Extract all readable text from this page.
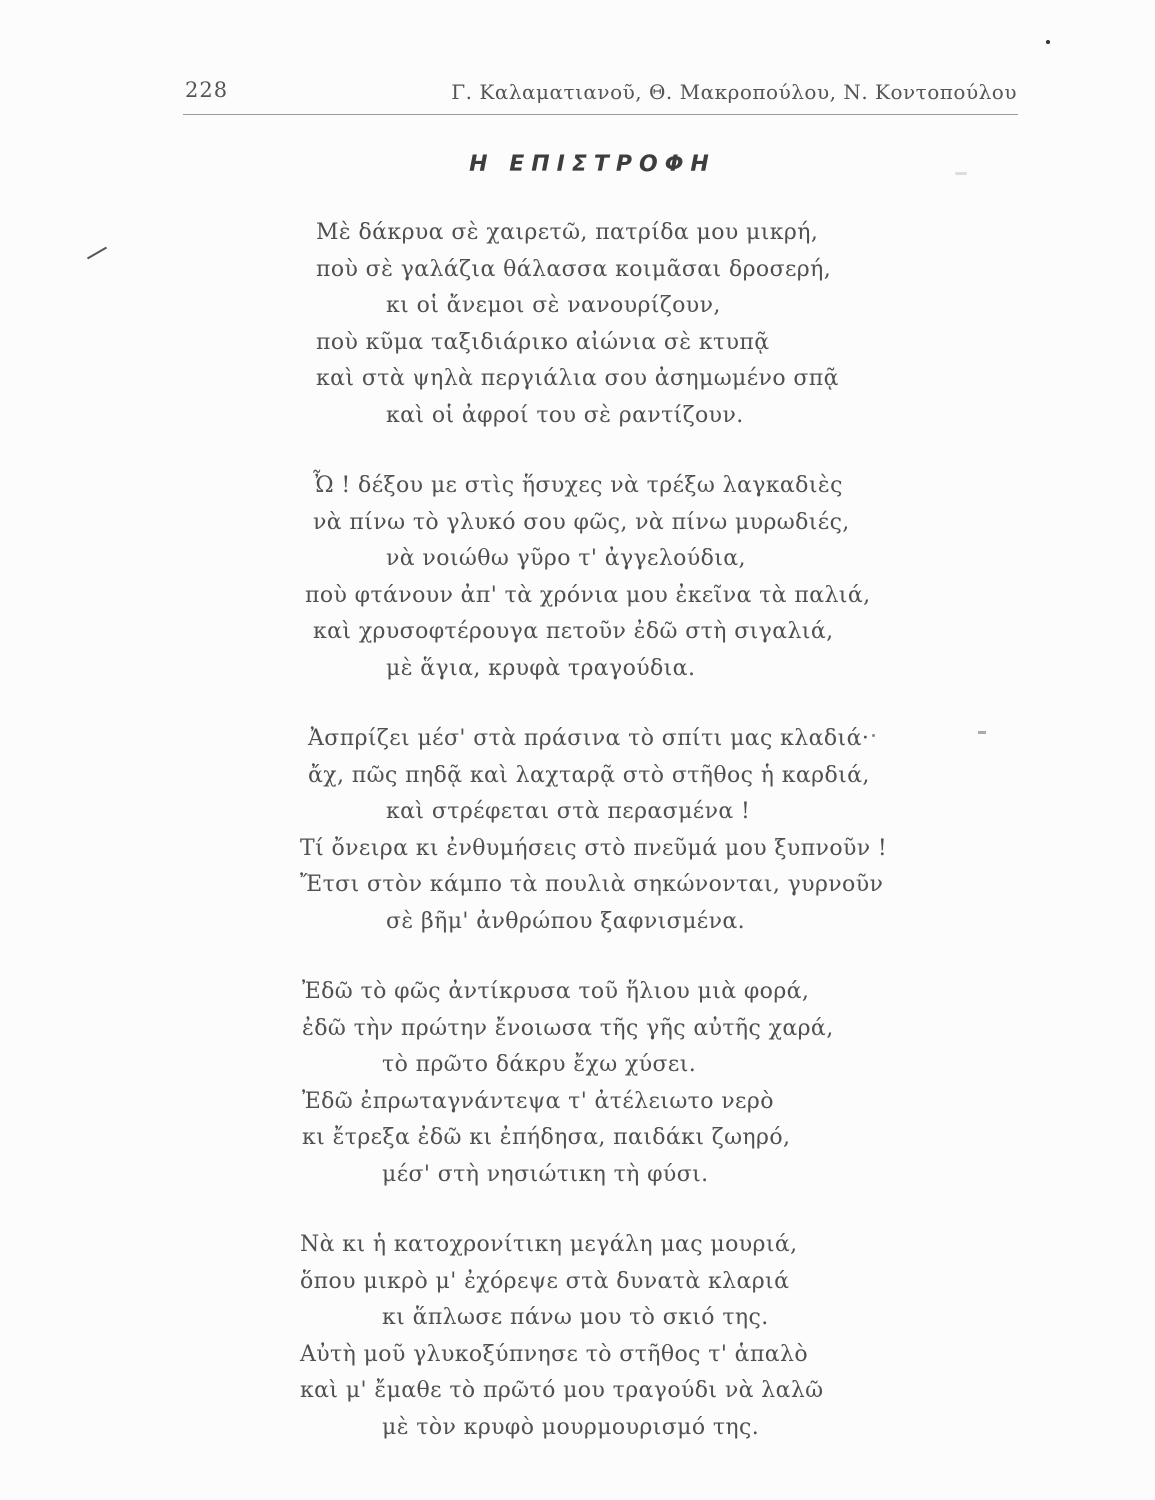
228	Γ. Καλαματιανοῦ, Θ. Μακροπούλου, Ν. Κοντοπούλου
Η ΕΠΙΣΤΡΟΦΗ
Μὲ δάκρυα σὲ χαιρετῶ, πατρίδα μου μικρή,
ποὺ σὲ γαλάζια θάλασσα κοιμᾶσαι δροσερή,
κι οἱ ἄνεμοι σὲ νανουρίζουν,
ποὺ κῦμα ταξιδιάρικο αἰώνια σὲ κτυπᾷ
καὶ στὰ ψηλὰ περγιάλια σου ἀσημωμένο σπᾷ
καὶ οἱ ἀφροί του σὲ ραντίζουν.
Ὦ ! δέξου με στὶς ἥσυχες νὰ τρέξω λαγκαδιὲς
νὰ πίνω τὸ γλυκό σου φῶς, νὰ πίνω μυρωδιές,
νὰ νοιώθω γῦρο τ' ἀγγελούδια,
ποὺ φτάνουν ἀπ' τὰ χρόνια μου ἐκεῖνα τὰ παλιά,
καὶ χρυσοφτέρουγα πετοῦν ἐδῶ στὴ σιγαλιά,
μὲ ἅγια, κρυφὰ τραγούδια.
Ἀσπρίζει μέσ' στὰ πράσινα τὸ σπίτι μας κλαδιά·
ἄχ, πῶς πηδᾷ καὶ λαχταρᾷ στὸ στῆθος ἡ καρδιά,
καὶ στρέφεται στὰ περασμένα !
Τί ὄνειρα κι ἐνθυμήσεις στὸ πνεῦμά μου ξυπνοῦν !
Ἔτσι στὸν κάμπο τὰ πουλιὰ σηκώνονται, γυρνοῦν
σὲ βῆμ' ἀνθρώπου ξαφνισμένα.
Ἐδῶ τὸ φῶς ἀντίκρυσα τοῦ ἥλιου μιὰ φορά,
ἐδῶ τὴν πρώτην ἔνοιωσα τῆς γῆς αὐτῆς χαρά,
τὸ πρῶτο δάκρυ ἔχω χύσει.
Ἐδῶ ἐπρωταγνάντεψα τ' ἀτέλειωτο νερὸ
κι ἔτρεξα ἐδῶ κι ἐπήδησα, παιδάκι ζωηρό,
μέσ' στὴ νησιώτικη τὴ φύσι.
Νὰ κι ἡ κατοχρονίτικη μεγάλη μας μουριά,
ὅπου μικρὸ μ' ἐχόρεψε στὰ δυνατὰ κλαριά
κι ἅπλωσε πάνω μου τὸ σκιό της.
Αὐτὴ μοῦ γλυκοξύπνησε τὸ στῆθος τ' ἁπαλὸ
καὶ μ' ἔμαθε τὸ πρῶτό μου τραγούδι νὰ λαλῶ
μὲ τὸν κρυφὸ μουρμουρισμό της.
